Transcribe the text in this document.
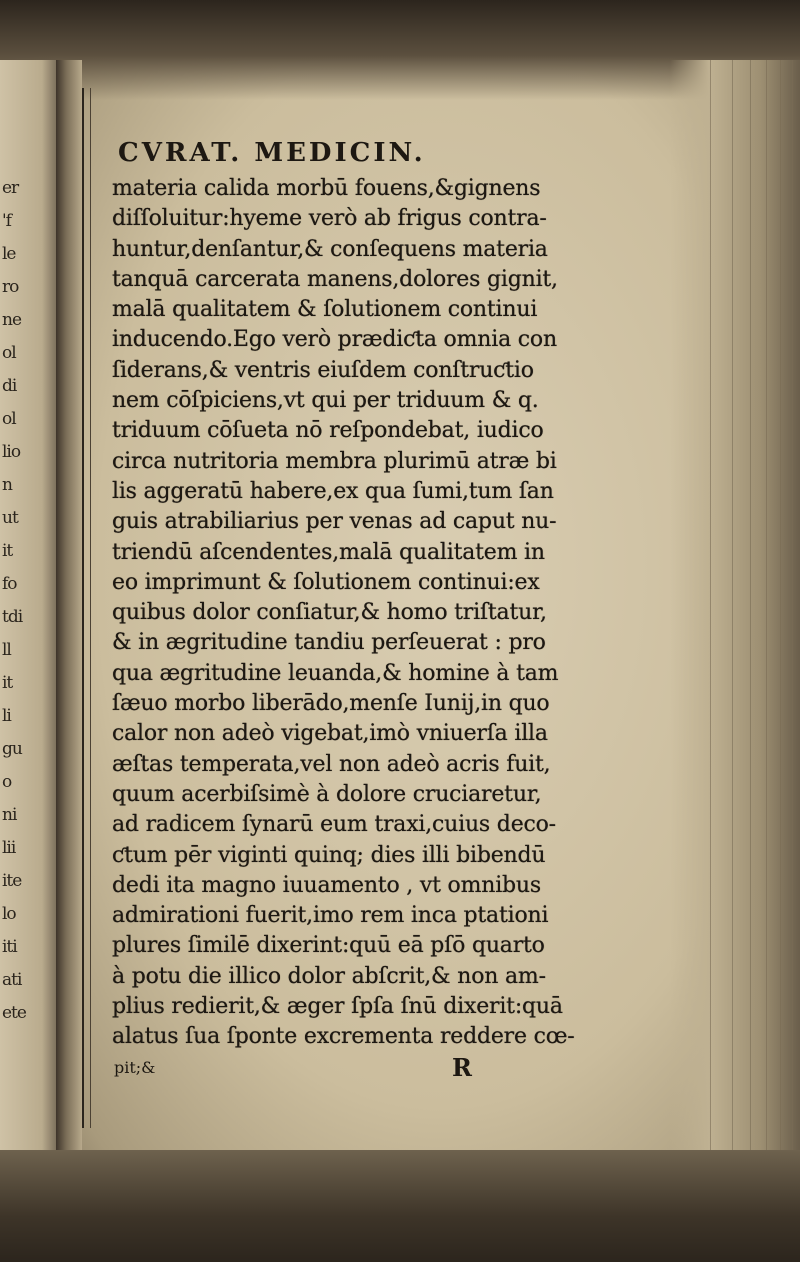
er
'f
le
ro
ne
ol
di
ol
lio
n
ut
it
fo
tdi
ll
it
li
gu
o
ni
lii
ite
lo
iti
ati
ete
CVRAT. MEDICIN.
materia calida morbū fouens,&gignens
diſſoluitur:hyeme verò ab frigus contra-
huntur,denſantur,& conſequens materia
tanquā carcerata manens,dolores gignit,
malā qualitatem & ſolutionem continui
inducendo.Ego verò prædiƈta omnia con
ſiderans,& ventris eiuſdem conſtruƈtio
nem cōſpiciens,vt qui per triduum & q.
triduum cōſueta nō reſpondebat, iudico
circa nutritoria membra plurimū atræ bi
lis aggeratū habere,ex qua ſumi,tum ſan
guis atrabiliarius per venas ad caput nu-
triendū aſcendentes,malā qualitatem in
eo imprimunt & ſolutionem continui:ex
quibus dolor conſiatur,& homo triſtatur,
& in ægritudine tandiu perſeuerat : pro
qua ægritudine leuanda,& homine à tam
ſæuo morbo liberādo,menſe Iunij,in quo
calor non adeò vigebat,imò vniuerſa illa
æſtas temperata,vel non adeò acris fuit,
quum acerbiſsimè à dolore cruciaretur,
ad radicem ſynarū eum traxi,cuius deco-
ƈtum pēr viginti quinq; dies illi bibendū
dedi ita magno iuuamento , vt omnibus
admirationi fuerit,imo rem inca ptationi
plures ſimilē dixerint:quū eā pſō quarto
à potu die illico dolor abſcrit,& non am-
plius redierit,& æger ſpſa ſnū dixerit:quā
alatus ſua ſponte excrementa reddere cœ-
pit;&	R
